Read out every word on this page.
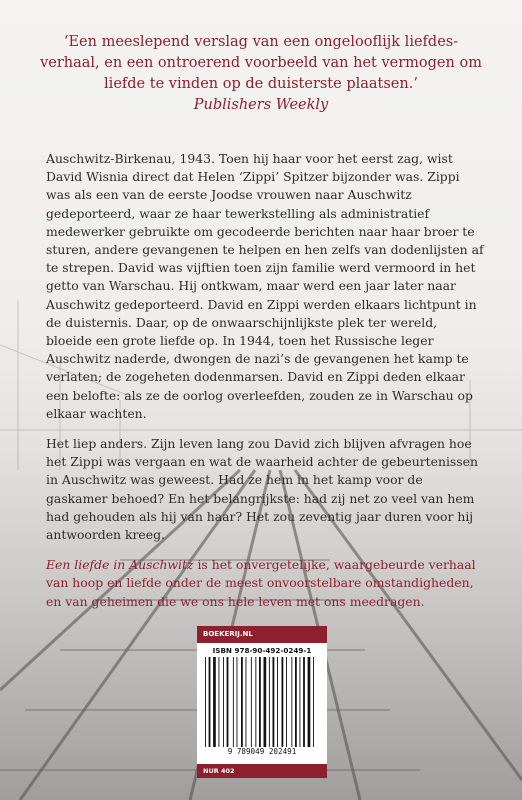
‘Een meeslepend verslag van een ongelooflijk liefdes-verhaal, en een ontroerend voorbeeld van het vermogen om liefde te vinden op de duisterste plaatsen.’
Publishers Weekly

Auschwitz-Birkenau, 1943. Toen hij haar voor het eerst zag, wist David Wisnia direct dat Helen ‘Zippi’ Spitzer bijzonder was. Zippi was als een van de eerste Joodse vrouwen naar Auschwitz gedeporteerd, waar ze haar tewerkstelling als administratief medewerker gebruikte om gecodeerde berichten naar haar broer te sturen, andere gevangenen te helpen en hen zelfs van dodenlijsten af te strepen. David was vijftien toen zijn familie werd vermoord in het getto van Warschau. Hij ontkwam, maar werd een jaar later naar Auschwitz gedeporteerd. David en Zippi werden elkaars lichtpunt in de duisternis. Daar, op de onwaarschijnlijkste plek ter wereld, bloeide een grote liefde op. In 1944, toen het Russische leger Auschwitz naderde, dwongen de nazi’s de gevangenen het kamp te verlaten; de zogeheten dodenmarsen. David en Zippi deden elkaar een belofte: als ze de oorlog overleefden, zouden ze in Warschau op elkaar wachten.

Het liep anders. Zijn leven lang zou David zich blijven afvragen hoe het Zippi was vergaan en wat de waarheid achter de gebeurtenissen in Auschwitz was geweest. Had ze hem in het kamp voor de gaskamer behoed? En het belangrijkste: had zij net zo veel van hem had gehouden als hij van haar? Het zou zeventig jaar duren voor hij antwoorden kreeg.

Een liefde in Auschwitz is het onvergetelijke, waargebeurde verhaal van hoop en liefde onder de meest onvoorstelbare omstandigheden, en van geheimen die we ons hele leven met ons meedragen.

BOEKERIJ.NL
ISBN 978-90-492-0249-1
9 789049 202491
NUR 402
